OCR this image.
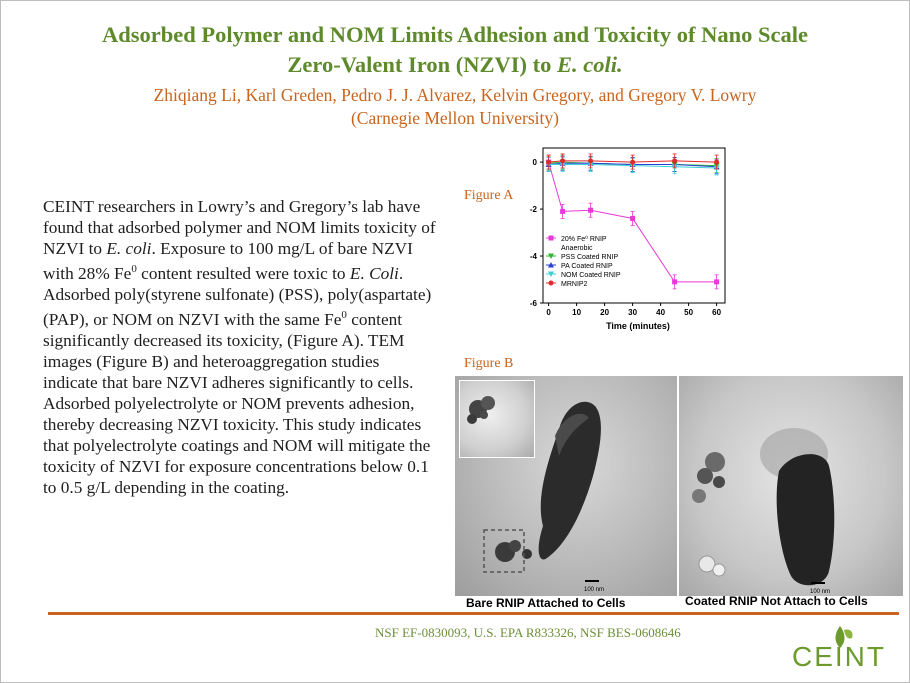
Adsorbed Polymer and NOM Limits Adhesion and Toxicity of Nano Scale
Zero-Valent Iron (NZVI) to E. coli.
Zhiqiang Li, Karl Greden, Pedro J. J. Alvarez, Kelvin Gregory, and Gregory V. Lowry
(Carnegie Mellon University)
CEINT researchers in Lowry’s and Gregory’s lab have found that adsorbed polymer and NOM limits toxicity of NZVI to E. coli. Exposure to 100 mg/L of bare NZVI with 28% Fe$^0$ content resulted were toxic to E. Coli. Adsorbed poly(styrene sulfonate) (PSS), poly(aspartate) (PAP), or NOM on NZVI with the same Fe$^0$ content significantly decreased its toxicity, (Figure A). TEM images (Figure B) and heteroaggregation studies indicate that bare NZVI adheres significantly to cells. Adsorbed polyelectrolyte or NOM prevents adhesion, thereby decreasing NZVI toxicity. This study indicates that polyelectrolyte coatings and NOM will mitigate the toxicity of NZVI for exposure concentrations below 0.1 to 0.5 g/L depending in the coating.
Figure A
0
-2
-4
-6
0	10 20 30 40 50 60
Time (minutes)
20% Fe⁰ RNIP
Anaerobic
PSS Coated RNIP
PA Coated RNIP
NOM Coated RNIP
MRNIP2
Figure B
100 nm	100 nm
Bare RNIP Attached to Cells	Coated RNIP Not Attach to Cells
NSF EF-0830093, U.S. EPA R833326, NSF BES-0608646
CEINT
